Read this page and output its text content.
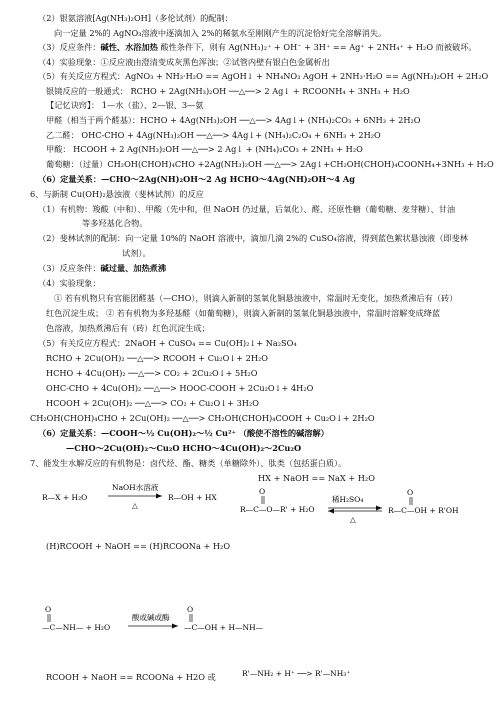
（2）银氨溶液[Ag(NH₃)₂OH]（多伦试剂）的配制：
向一定量 2%的 AgNO₃溶液中逐滴加入 2%的稀氨水至刚刚产生的沉淀恰好完全溶解消失。
（3）反应条件：碱性、水浴加热 酸性条件下，则有 Ag(NH₃)₂⁺ + OH⁻ + 3H⁺ == Ag⁺ + 2NH₄⁺ + H₂O 而被破坏。
（4）实验现象：①反应液由澄清变成灰黑色浑浊；②试管内壁有银白色金属析出
（5）有关反应方程式：AgNO₃ + NH₃·H₂O == AgOH↓ + NH₄NO₃ AgOH + 2NH₃·H₂O == Ag(NH₃)₂OH + 2H₂O
银镜反应的一般通式： RCHO + 2Ag(NH₃)₂OH ──△──> 2 Ag↓ + RCOONH₄ + 3NH₃ + H₂O
【记忆诀窍】： 1—水（盐）、2—银、3—氨
甲醛（相当于两个醛基）：HCHO + 4Ag(NH₃)₂OH ──△──> 4Ag↓+ (NH₄)₂CO₃ + 6NH₃ + 2H₂O
乙二醛： OHC-CHO + 4Ag(NH₃)₂OH ──△──> 4Ag↓+ (NH₄)₂C₂O₄ + 6NH₃ + 2H₂O
甲酸： HCOOH + 2 Ag(NH₃)₂OH ──△──> 2 Ag↓ + (NH₄)₂CO₃ + 2NH₃ + H₂O
葡萄糖：（过量）CH₂OH(CHOH)₄CHO +2Ag(NH₃)₂OH ──△──> 2Ag↓+CH₂OH(CHOH)₄COONH₄+3NH₃ + H₂O
（6）定量关系：—CHO～2Ag(NH)₂OH～2 Ag HCHO～4Ag(NH)₂OH～4 Ag
6、与新制 Cu(OH)₂悬浊液（斐林试剂）的反应
（1）有机物：羧酸（中和）、甲酸（先中和，但 NaOH 仍过量，后氧化）、醛、还原性糖（葡萄糖、麦芽糖）、甘油
等多羟基化合物。
（2）斐林试剂的配制：向一定量 10%的 NaOH 溶液中，滴加几滴 2%的 CuSO₄溶液，得到蓝色絮状悬浊液（即斐林
试剂）。
（3）反应条件：碱过量、加热煮沸
（4）实验现象：
① 若有机物只有官能团醛基（—CHO），则滴入新制的氢氧化铜悬浊液中，常温时无变化，加热煮沸后有（砖）
红色沉淀生成； ② 若有机物为多羟基醛（如葡萄糖），则滴入新制的氢氧化铜悬浊液中，常温时溶解变成绛蓝
色溶液，加热煮沸后有（砖）红色沉淀生成；
（5）有关反应方程式：2NaOH + CuSO₄ == Cu(OH)₂↓+ Na₂SO₄
RCHO + 2Cu(OH)₂ ──△──> RCOOH + Cu₂O↓+ 2H₂O
HCHO + 4Cu(OH)₂ ──△──> CO₂ + 2Cu₂O↓+ 5H₂O
OHC-CHO + 4Cu(OH)₂ ──△──> HOOC-COOH + 2Cu₂O↓+ 4H₂O
HCOOH + 2Cu(OH)₂ ──△──> CO₂ + Cu₂O↓+ 3H₂O
CH₂OH(CHOH)₄CHO + 2Cu(OH)₂ ──△──> CH₂OH(CHOH)₄COOH + Cu₂O↓+ 2H₂O
（6）定量关系：—COOH～½ Cu(OH)₂～½ Cu²⁺ （酸使不溶性的碱溶解）
—CHO～2Cu(OH)₂～Cu₂O HCHO～4Cu(OH)₂～2Cu₂O
7、能发生水解反应的有机物是：卤代烃、酯、糖类（单糖除外）、肽类（包括蛋白质）。
HX + NaOH == NaX + H₂O
(H)RCOOH + NaOH == (H)RCOONa + H₂O
RCOOH + NaOH == RCOONa + H2O 或
R—X + H₂O
NaOH水溶液
△
R—OH + HX
R—C—O—R' + H₂O
O
稀H₂SO₄
△
R—C—OH + R'OH
O
—C—NH— + H₂O
O
酸或碱或酶
—C—OH + H—NH—
O
R'—NH₂ + H⁺ ──> R'—NH₃⁺
